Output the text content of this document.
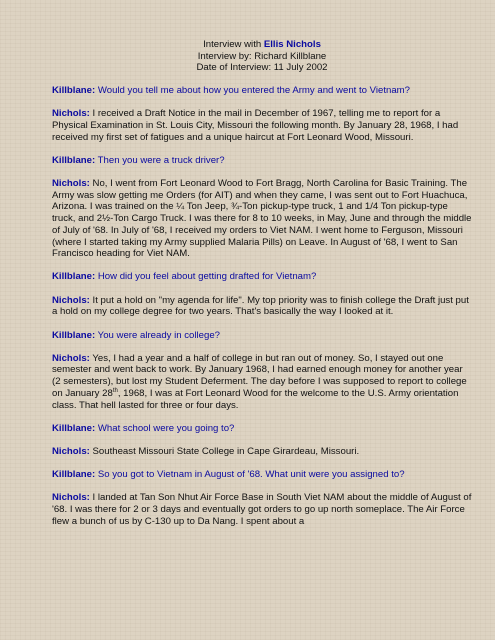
Interview with Ellis Nichols
Interview by: Richard Killblane
Date of Interview: 11 July 2002

Killblane: Would you tell me about how you entered the Army and went to Vietnam?

Nichols: I received a Draft Notice in the mail in December of 1967, telling me to report for a Physical Examination in St. Louis City, Missouri the following month. By January 28, 1968, I had received my first set of fatigues and a unique haircut at Fort Leonard Wood, Missouri.

Killblane: Then you were a truck driver?

Nichols: No, I went from Fort Leonard Wood to Fort Bragg, North Carolina for Basic Training. The Army was slow getting me Orders (for AIT) and when they came, I was sent out to Fort Huachuca, Arizona. I was trained on the ¼ Ton Jeep, ¾-Ton pickup-type truck, 1 and 1/4 Ton pickup-type truck, and 2½-Ton Cargo Truck. I was there for 8 to 10 weeks, in May, June and through the middle of July of '68. In July of '68, I received my orders to Viet NAM. I went home to Ferguson, Missouri (where I started taking my Army supplied Malaria Pills) on Leave. In August of '68, I went to San Francisco heading for Viet NAM.

Killblane: How did you feel about getting drafted for Vietnam?

Nichols: It put a hold on "my agenda for life". My top priority was to finish college the Draft just put a hold on my college degree for two years. That's basically the way I looked at it.

Killblane: You were already in college?

Nichols: Yes, I had a year and a half of college in but ran out of money. So, I stayed out one semester and went back to work. By January 1968, I had earned enough money for another year (2 semesters), but lost my Student Deferment. The day before I was supposed to report to college on January 28th, 1968, I was at Fort Leonard Wood for the welcome to the U.S. Army orientation class. That hell lasted for three or four days.

Killblane: What school were you going to?

Nichols: Southeast Missouri State College in Cape Girardeau, Missouri.

Killblane: So you got to Vietnam in August of '68. What unit were you assigned to?

Nichols: I landed at Tan Son Nhut Air Force Base in South Viet NAM about the middle of August of '68. I was there for 2 or 3 days and eventually got orders to go up north someplace. The Air Force flew a bunch of us by C-130 up to Da Nang. I spent about a
